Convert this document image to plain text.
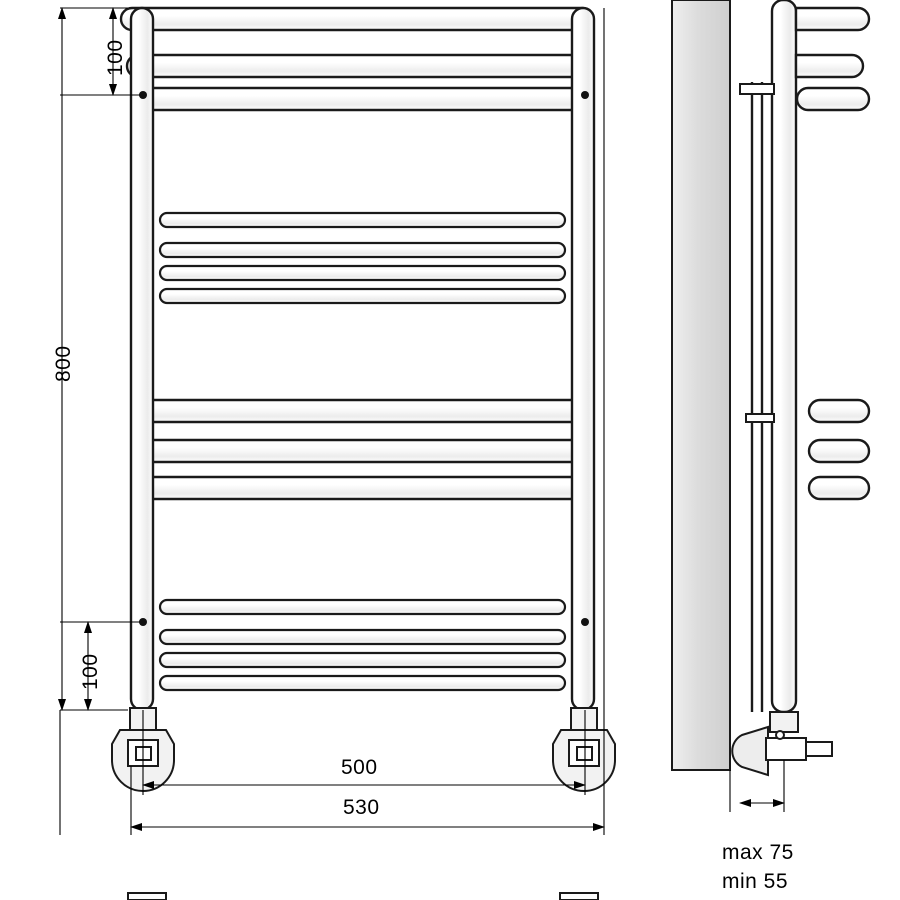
100
800
100
500
530
max 75
min 55
